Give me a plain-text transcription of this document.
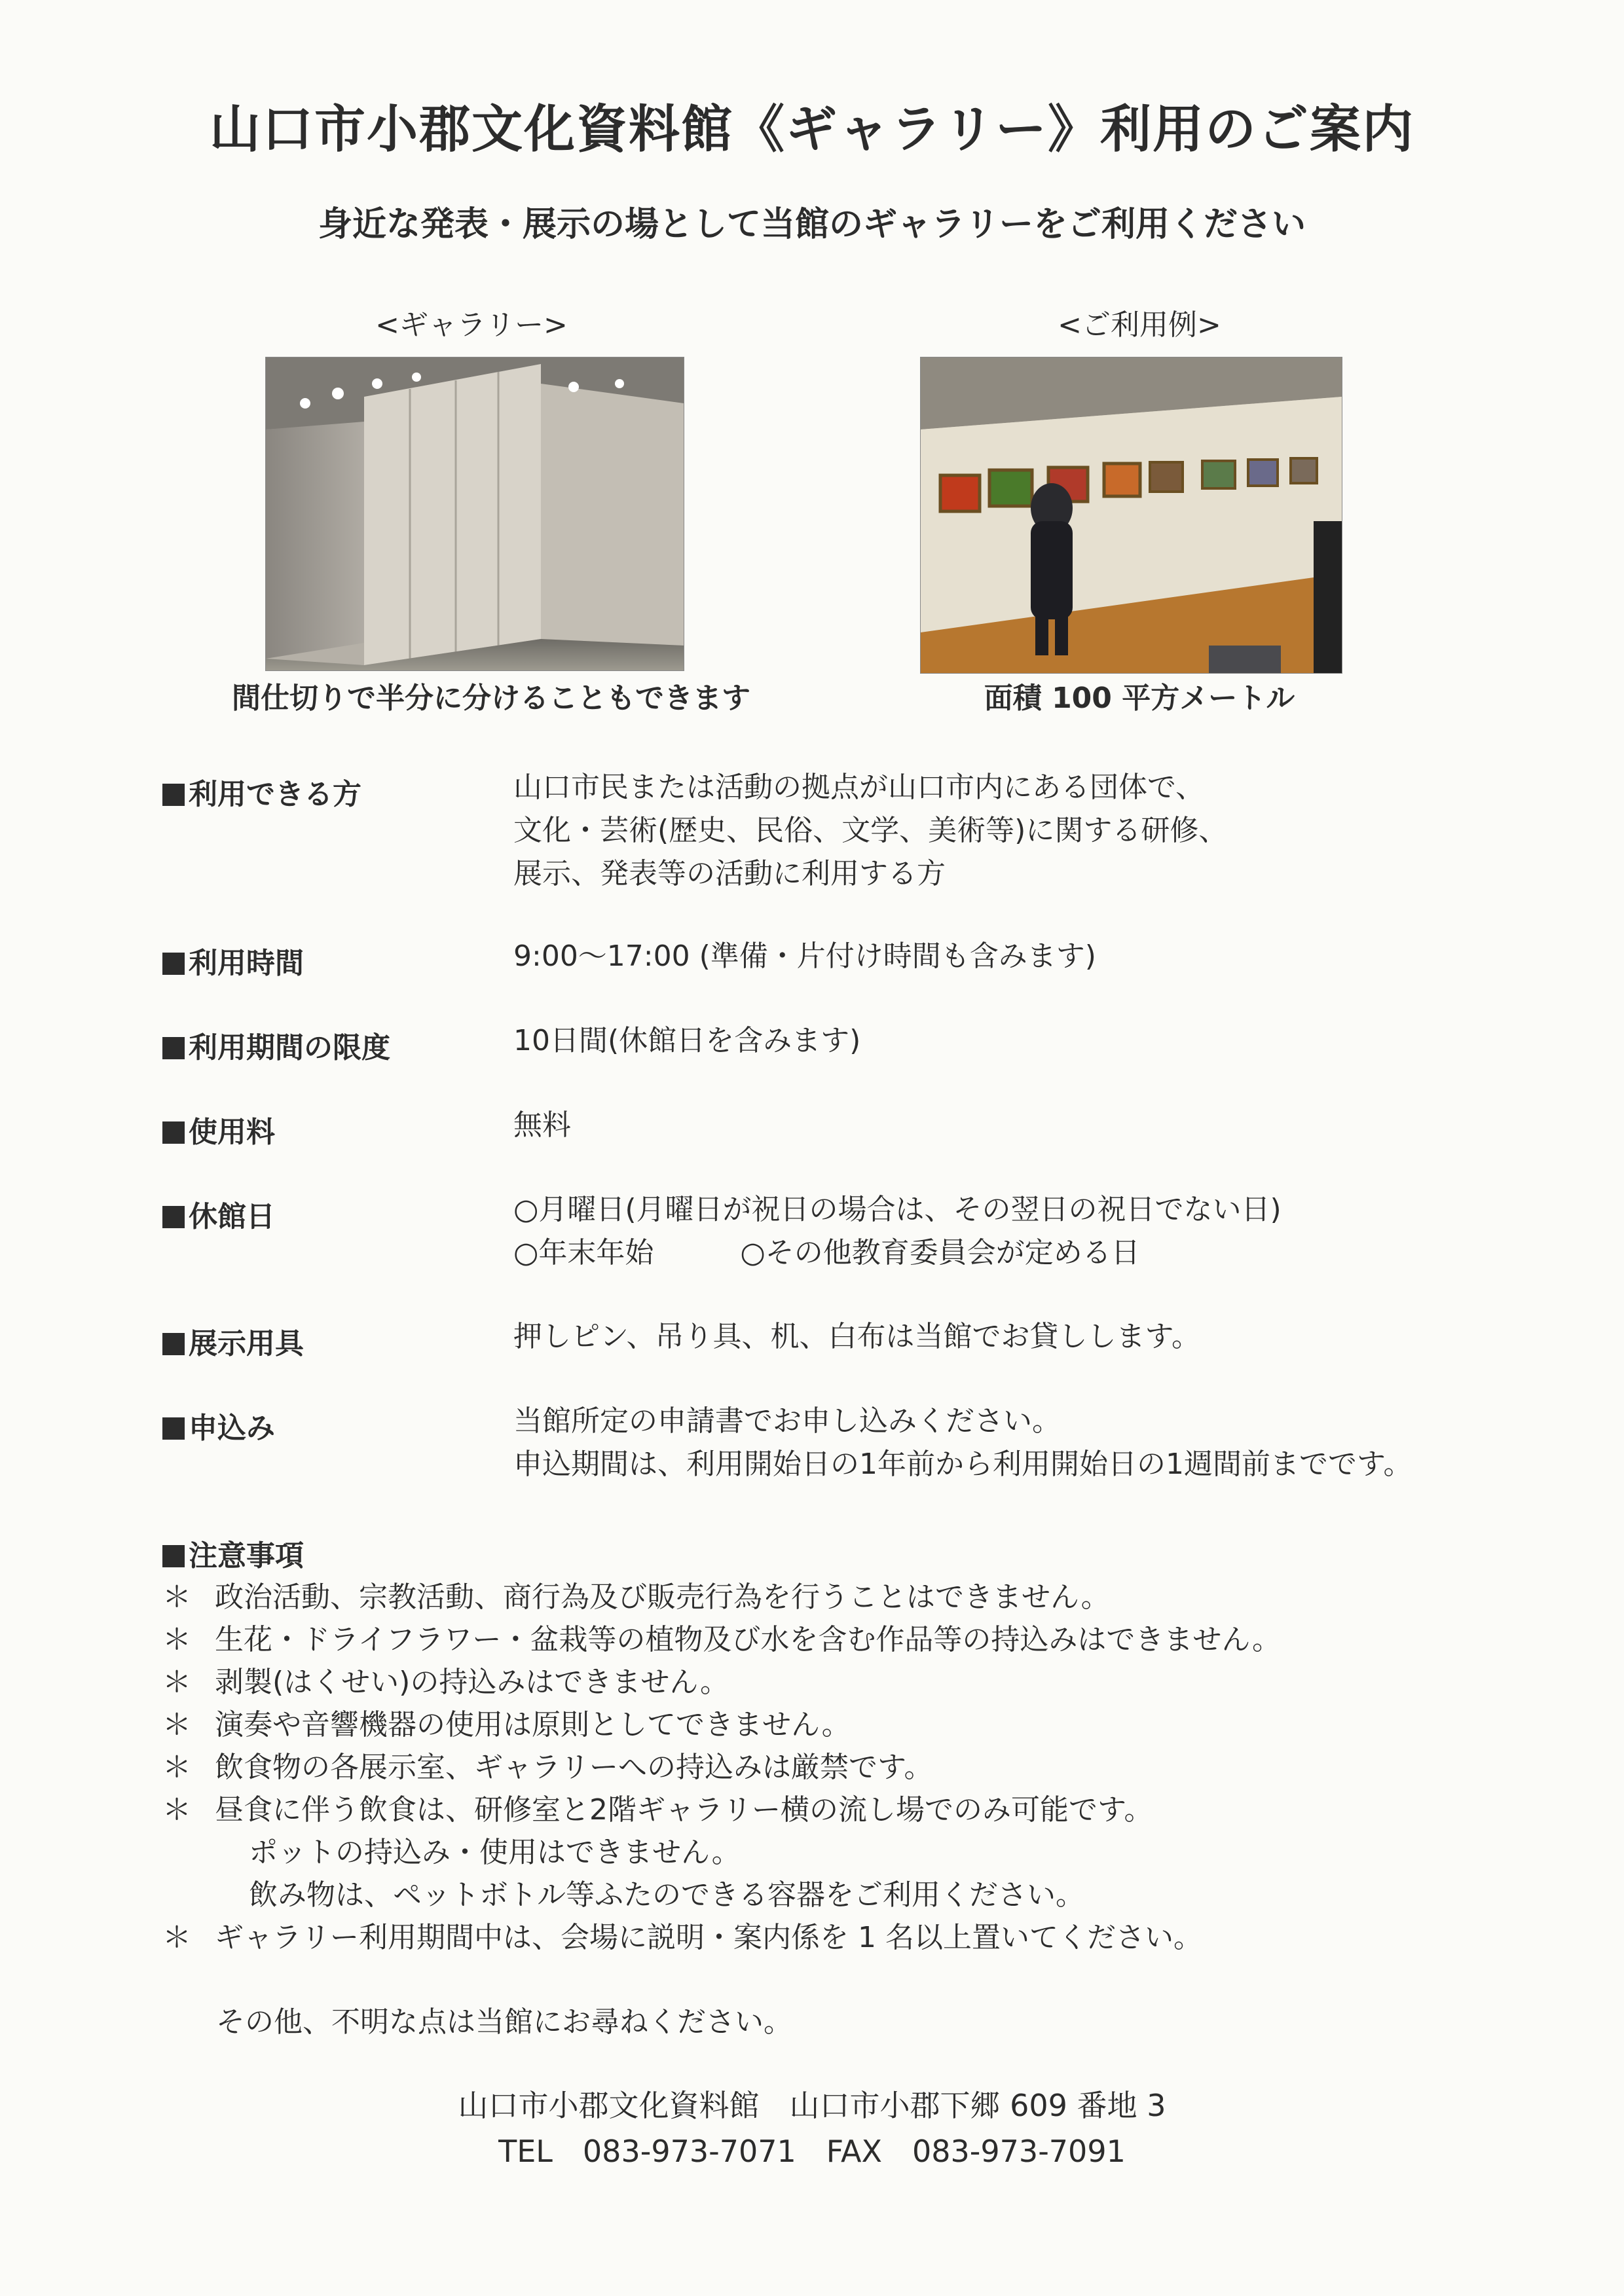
山口市小郡文化資料館《ギャラリー》利用のご案内
身近な発表・展示の場として当館のギャラリーをご利用ください
<ギャラリー>
間仕切りで半分に分けることもできます
<ご利用例>
面積 100 平方メートル
利用できる方	山口市民または活動の拠点が山口市内にある団体で、
文化・芸術(歴史、民俗、文学、美術等)に関する研修、
展示、発表等の活動に利用する方
利用時間	9:00〜17:00 (準備・片付け時間も含みます)
利用期間の限度	10日間(休館日を含みます)
使用料	無料
休館日	○月曜日(月曜日が祝日の場合は、その翌日の祝日でない日)
○年末年始　　　○その他教育委員会が定める日
展示用具	押しピン、吊り具、机、白布は当館でお貸しします。
申込み	当館所定の申請書でお申し込みください。
申込期間は、利用開始日の1年前から利用開始日の1週間前までです。
注意事項
＊ 政治活動、宗教活動、商行為及び販売行為を行うことはできません。
＊ 生花・ドライフラワー・盆栽等の植物及び水を含む作品等の持込みはできません。
＊ 剥製(はくせい)の持込みはできません。
＊ 演奏や音響機器の使用は原則としてできません。
＊ 飲食物の各展示室、ギャラリーへの持込みは厳禁です。
＊ 昼食に伴う飲食は、研修室と2階ギャラリー横の流し場でのみ可能です。
ポットの持込み・使用はできません。
飲み物は、ペットボトル等ふたのできる容器をご利用ください。
＊ ギャラリー利用期間中は、会場に説明・案内係を 1 名以上置いてください。
その他、不明な点は当館にお尋ねください。
山口市小郡文化資料館　山口市小郡下郷 609 番地 3
TEL　083-973-7071　FAX　083-973-7091
